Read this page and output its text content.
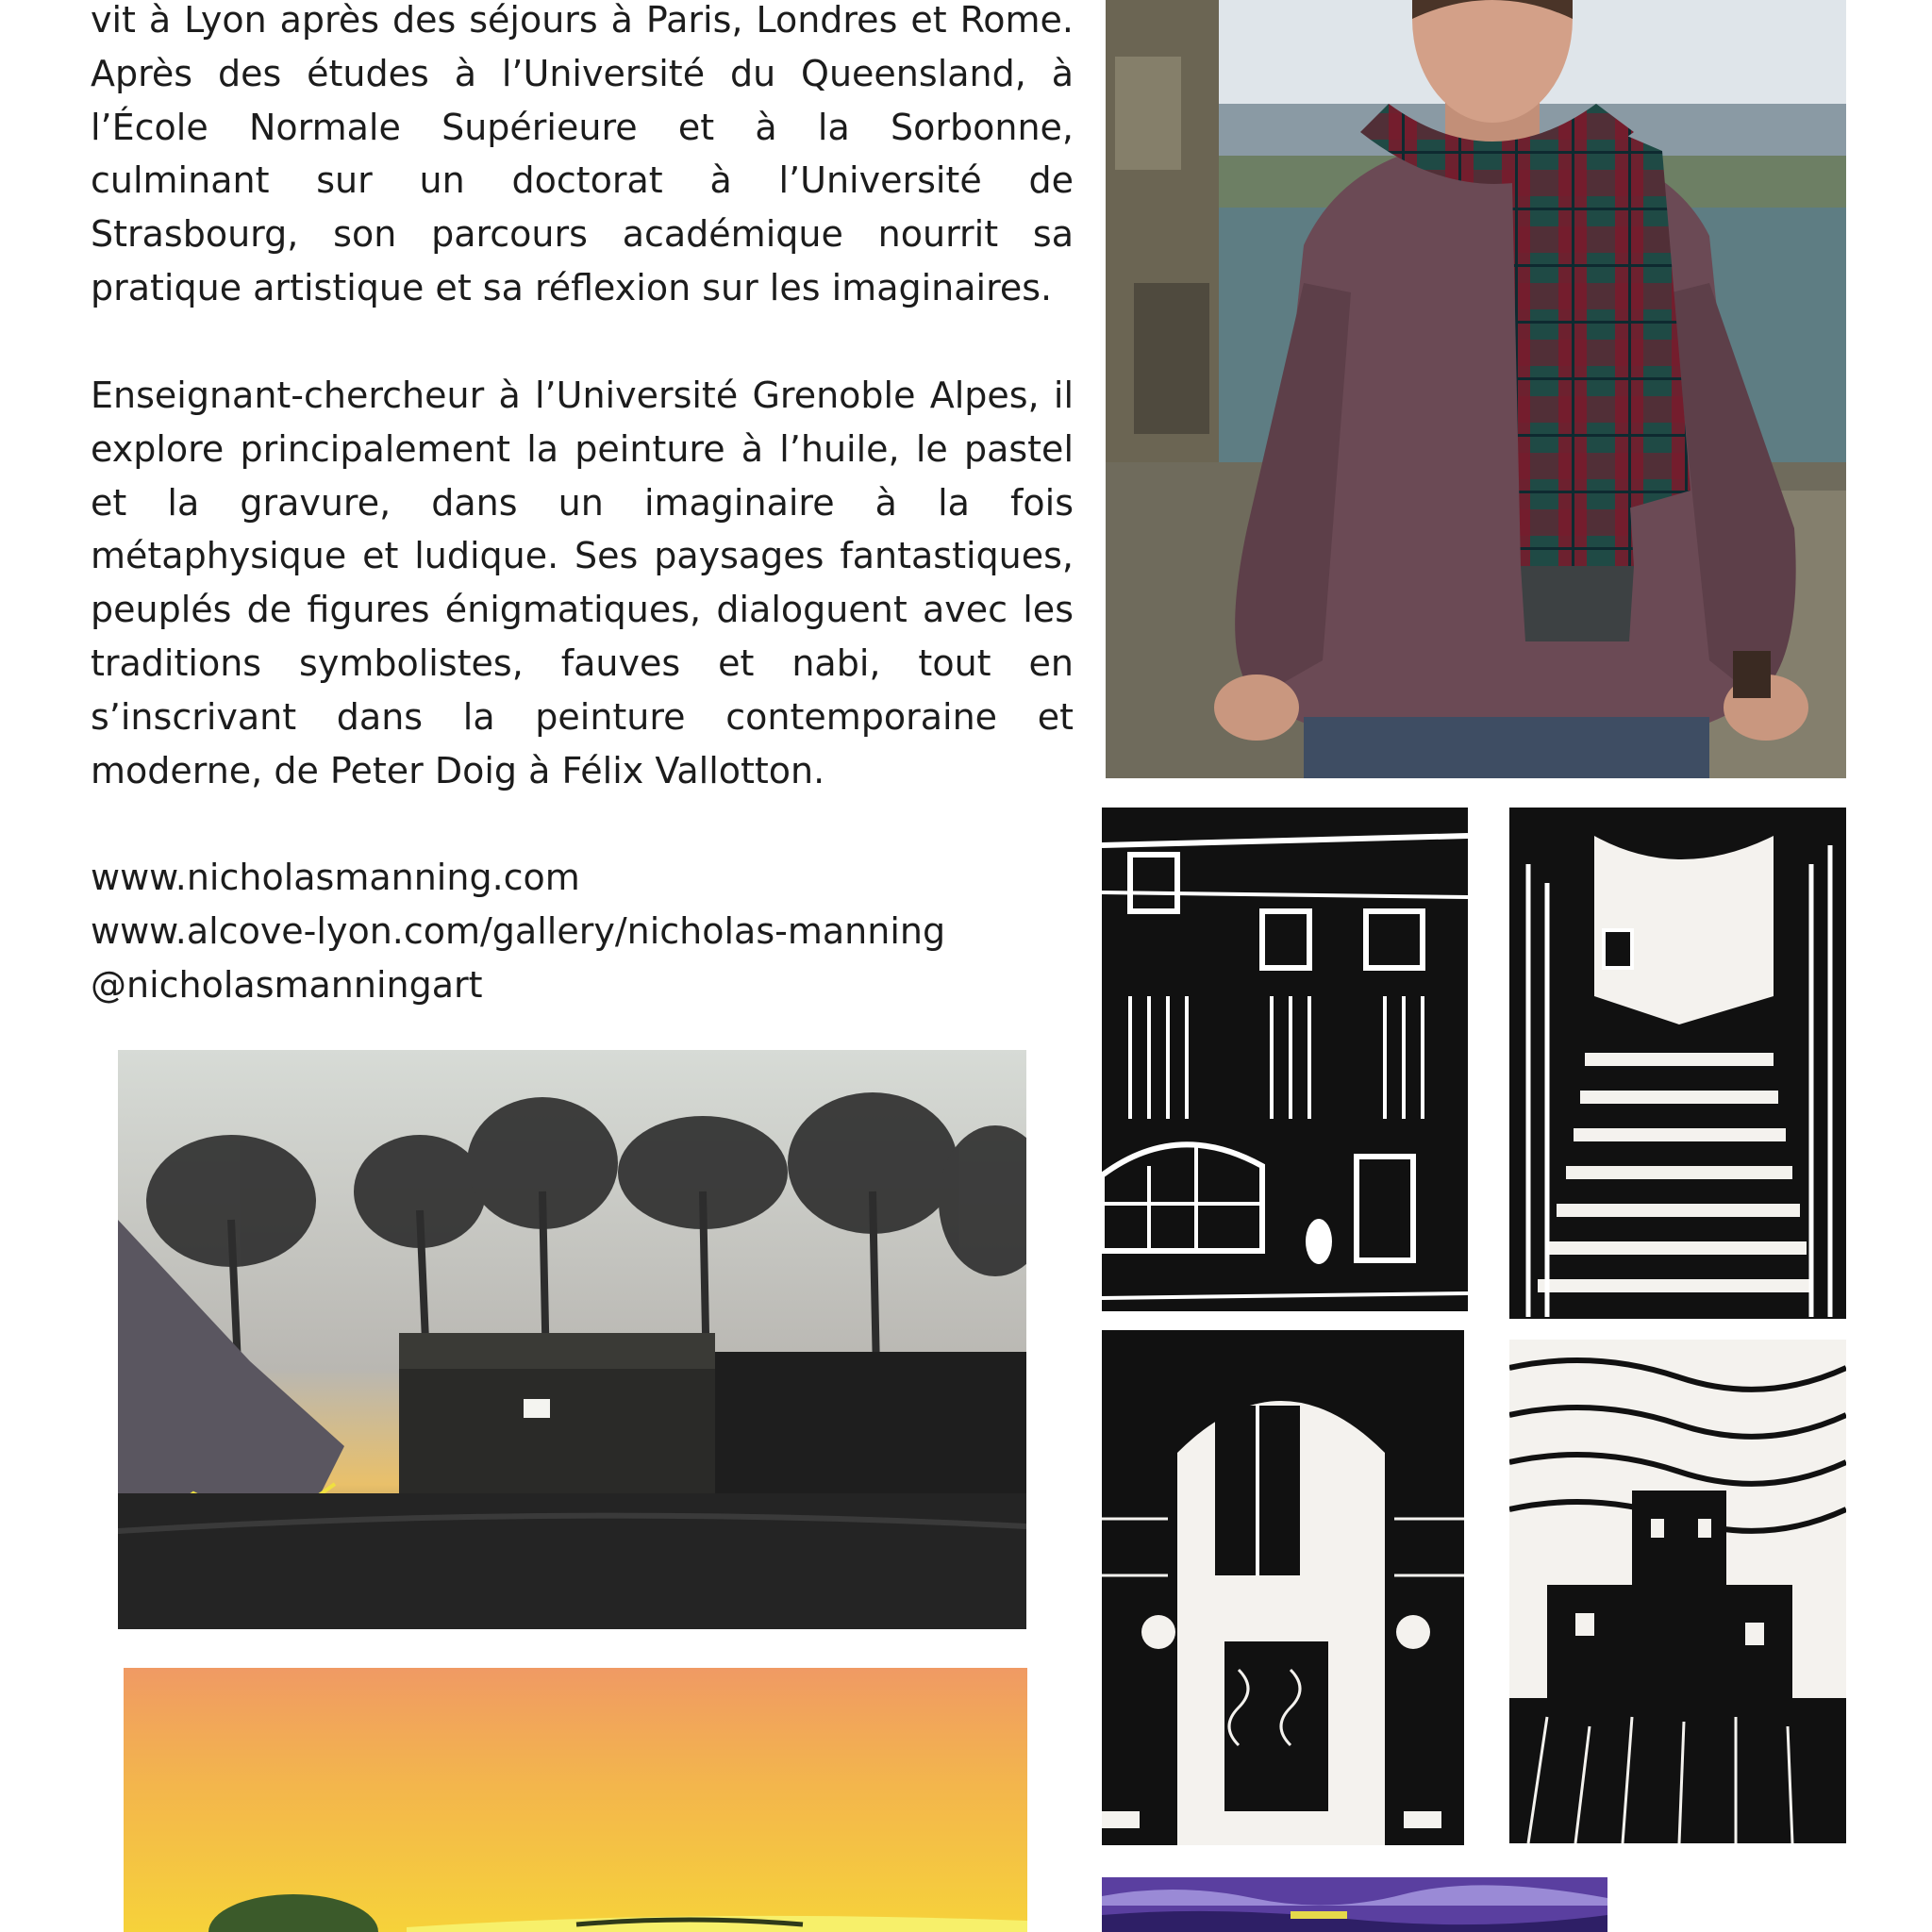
vit à Lyon après des séjours à Paris, Londres et Rome. Après des études à l’Université du Queensland, à l’École Normale Supérieure et à la Sorbonne, culminant sur un doctorat à l’Université de Strasbourg, son parcours académique nourrit sa pratique artistique et sa réflexion sur les imaginaires.

Enseignant-chercheur à l’Université Grenoble Alpes, il explore principalement la peinture à l’huile, le pastel et la gravure, dans un imaginaire à la fois métaphysique et ludique. Ses paysages fantastiques, peuplés de figures énigmatiques, dialoguent avec les traditions symbolistes, fauves et nabi, tout en s’inscrivant dans la peinture contemporaine et moderne, de Peter Doig à Félix Vallotton.

www.nicholasmanning.com
www.alcove-lyon.com/gallery/nicholas-manning
@nicholasmanningart
